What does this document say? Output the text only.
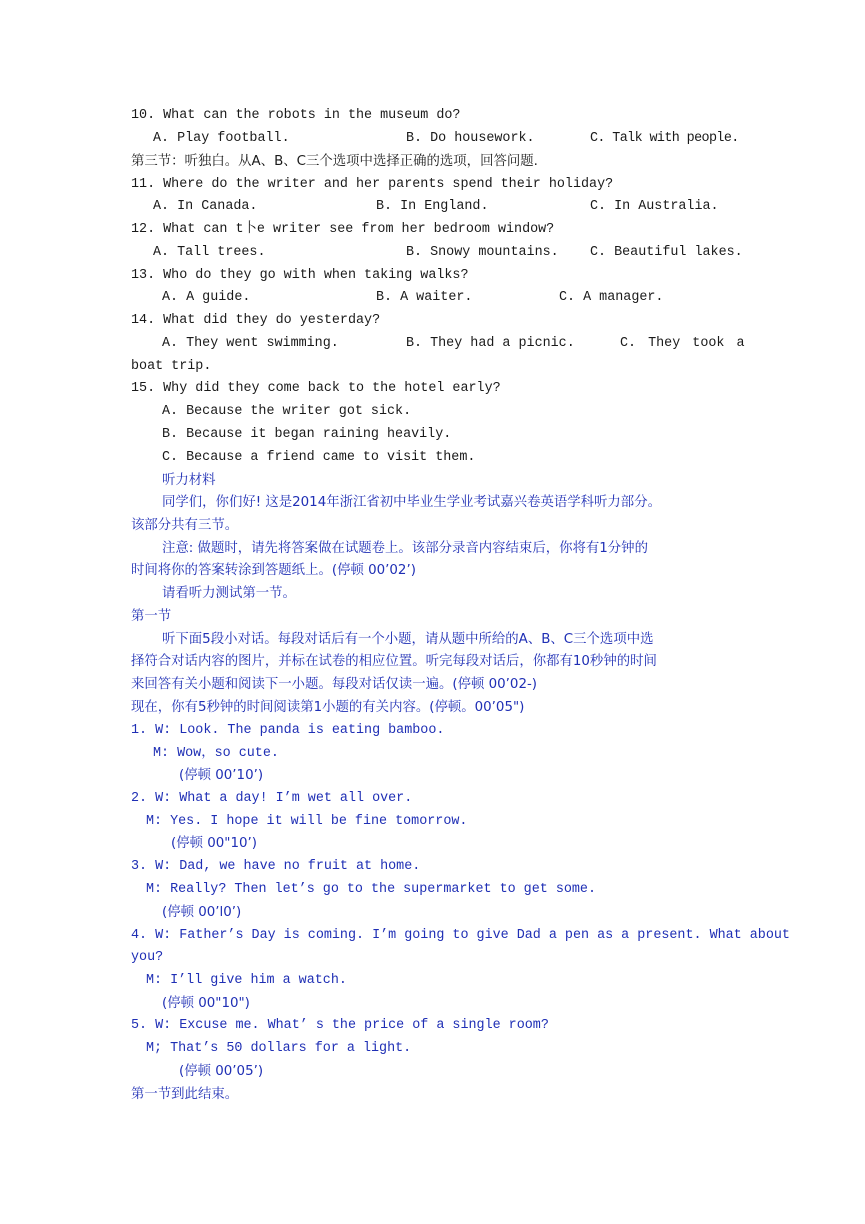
10. What can the robots in the museum do?
A. Play football.	B. Do housework.	C. Talk with people.
第三节：听独白。从A、B、C三个选项中选择正确的选项，回答问题.
11. Where do the writer and her parents spend their holiday?
A. In Canada.	B. In England.	C. In Australia.
12. What can t卜e writer see from her bedroom window?
A. Tall trees.	B. Snowy mountains. C. Beautiful lakes.
13. Who do they go with when taking walks?
A. A guide.	B. A waiter.	C. A manager.
14. What did they do yesterday?
A. They went swimming.	B. They had a picnic.	C. They took a
boat trip.
15. Why did they come back to the hotel early?
A. Because the writer got sick.
B. Because it began raining heavily.
C. Because a friend came to visit them.
听力材料
同学们，你们好! 这是2014年浙江省初中毕业生学业考试嘉兴卷英语学科听力部分。
该部分共有三节。
注意: 做题时，请先将答案做在试题卷上。该部分录音内容结束后，你将有1分钟的
时间将你的答案转涂到答题纸上。(停顿 00’02’)
请看听力测试第一节。
第一节
听下面5段小对话。每段对话后有一个小题，请从题中所给的A、B、C三个选项中选
择符合对话内容的图片，并标在试卷的相应位置。听完每段对话后，你都有10秒钟的时间
来回答有关小题和阅读下一小题。每段对话仅读一遍。(停顿 00’02-)
现在，你有5秒钟的时间阅读第1小题的有关内容。(停顿。00’05")
1. W: Look. The panda is eating bamboo.
M: Wow，so cute.
(停顿 00’10’)
2. W: What a day! I’m wet all over.
M: Yes. I hope it will be fine tomorrow.
(停顿 00"10’)
3. W: Dad, we have no fruit at home.
M: Really? Then let’s go to the supermarket to get some.
(停顿 00’l0’)
4. W: Father’s Day is coming. I’m going to give Dad a pen as a present. What about
you?
M: I’ll give him a watch.
(停顿 00"10")
5. W: Excuse me. What’ s the price of a single room?
M; That’s 50 dollars for a light.
(停顿 00’05’)
第一节到此结束。
